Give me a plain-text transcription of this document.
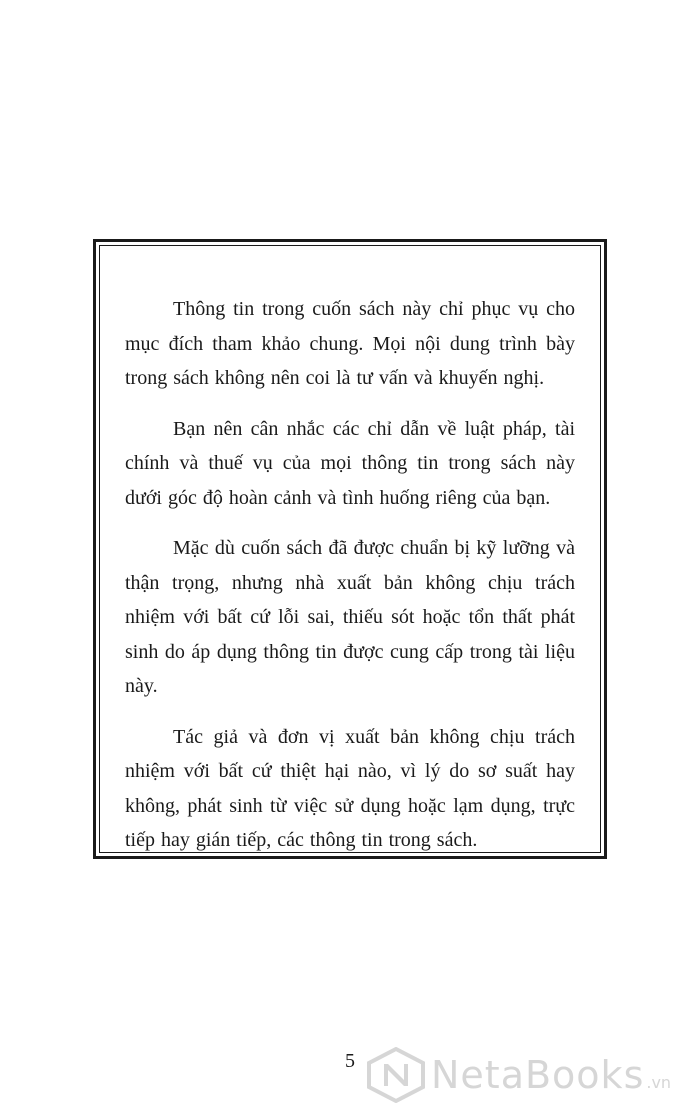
Thông tin trong cuốn sách này chỉ phục vụ cho mục đích tham khảo chung. Mọi nội dung trình bày trong sách không nên coi là tư vấn và khuyến nghị.

Bạn nên cân nhắc các chỉ dẫn về luật pháp, tài chính và thuế vụ của mọi thông tin trong sách này dưới góc độ hoàn cảnh và tình huống riêng của bạn.

Mặc dù cuốn sách đã được chuẩn bị kỹ lưỡng và thận trọng, nhưng nhà xuất bản không chịu trách nhiệm với bất cứ lỗi sai, thiếu sót hoặc tổn thất phát sinh do áp dụng thông tin được cung cấp trong tài liệu này.

Tác giả và đơn vị xuất bản không chịu trách nhiệm với bất cứ thiệt hại nào, vì lý do sơ suất hay không, phát sinh từ việc sử dụng hoặc lạm dụng, trực tiếp hay gián tiếp, các thông tin trong sách.

5	NetaBooks .vn
